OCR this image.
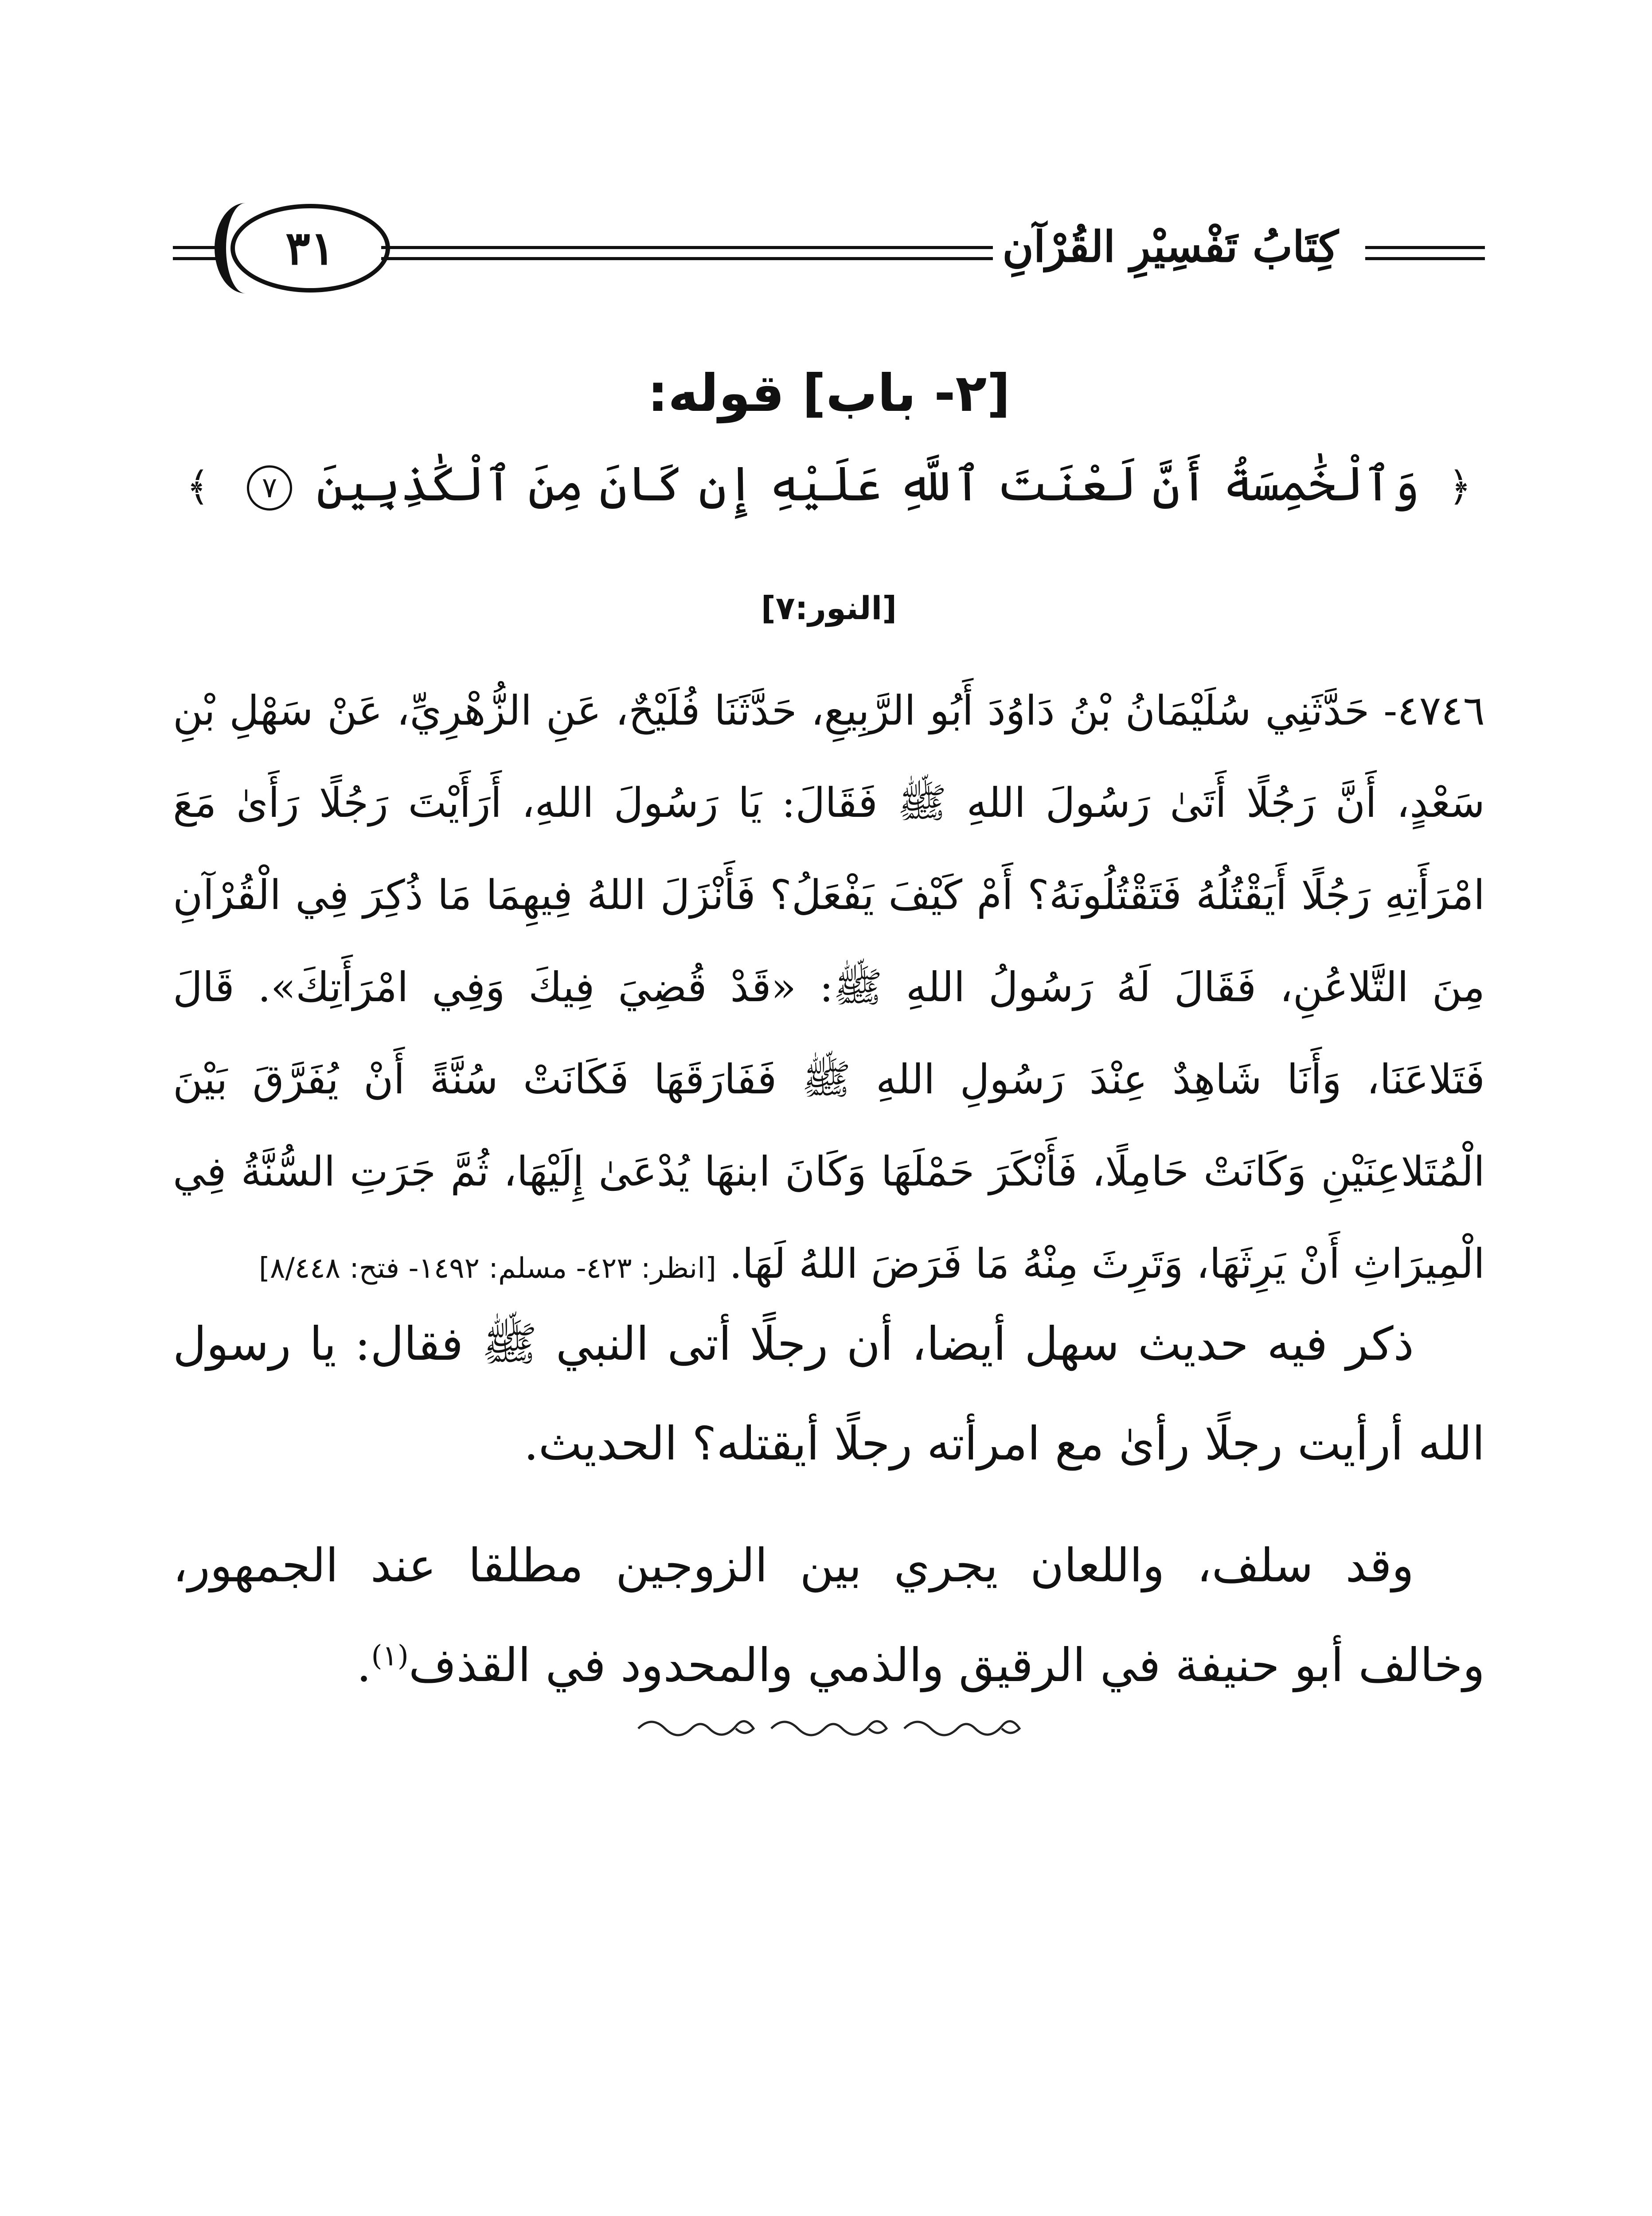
كِتَابُ تَفْسِيْرِ القُرْآنِ
٣١
[٢- باب] قوله:
﴿ وَٱلْخَٰمِسَةُ أَنَّ لَعْنَتَ ٱللَّهِ عَلَيْهِ إِن كَانَ مِنَ ٱلْكَٰذِبِينَ ٧ ﴾
[النور:٧]
٤٧٤٦- حَدَّثَنِي سُلَيْمَانُ بْنُ دَاوُدَ أَبُو الرَّبِيعِ، حَدَّثَنَا فُلَيْحٌ، عَنِ الزُّهْرِيِّ، عَنْ سَهْلِ بْنِ سَعْدٍ، أَنَّ رَجُلًا أَتَىٰ رَسُولَ اللهِ ﷺ فَقَالَ: يَا رَسُولَ اللهِ، أَرَأَيْتَ رَجُلًا رَأَىٰ مَعَ امْرَأَتِهِ رَجُلًا أَيَقْتُلُهُ فَتَقْتُلُونَهُ؟ أَمْ كَيْفَ يَفْعَلُ؟ فَأَنْزَلَ اللهُ فِيهِمَا مَا ذُكِرَ فِي الْقُرْآنِ مِنَ التَّلاعُنِ، فَقَالَ لَهُ رَسُولُ اللهِ ﷺ: «قَدْ قُضِيَ فِيكَ وَفِي امْرَأَتِكَ». قَالَ فَتَلاعَنَا، وَأَنَا شَاهِدٌ عِنْدَ رَسُولِ اللهِ ﷺ فَفَارَقَهَا فَكَانَتْ سُنَّةً أَنْ يُفَرَّقَ بَيْنَ الْمُتَلاعِنَيْنِ وَكَانَتْ حَامِلًا، فَأَنْكَرَ حَمْلَهَا وَكَانَ ابنهَا يُدْعَىٰ إِلَيْهَا، ثُمَّ جَرَتِ السُّنَّةُ فِي الْمِيرَاثِ أَنْ يَرِثَهَا، وَتَرِثَ مِنْهُ مَا فَرَضَ اللهُ لَهَا. [انظر: ٤٢٣- مسلم: ١٤٩٢- فتح: ٨/٤٤٨]

ذكر فيه حديث سهل أيضا، أن رجلًا أتى النبي ﷺ فقال: يا رسول الله أرأيت رجلًا رأىٰ مع امرأته رجلًا أيقتله؟ الحديث.

وقد سلف، واللعان يجري بين الزوجين مطلقا عند الجمهور، وخالف أبو حنيفة في الرقيق والذمي والمحدود في القذف$^{(١)}$.
